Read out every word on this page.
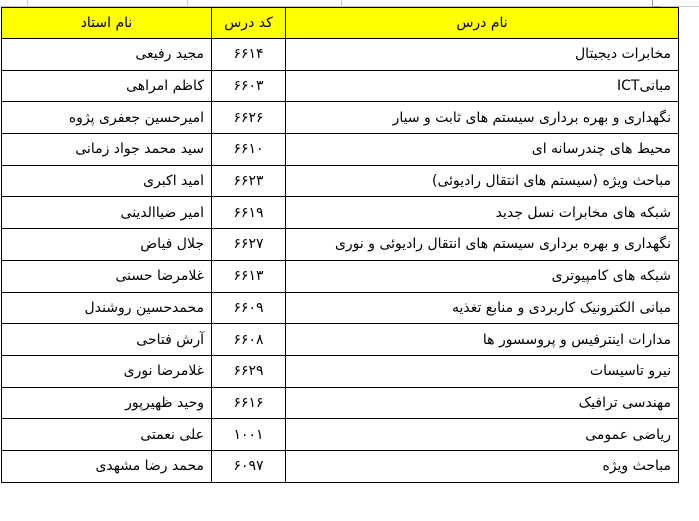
نام درس	کد درس	نام استاد
مخابرات دیجیتال	۶۶۱۴	مجید رفیعی
مبانیICT	۶۶۰۳	کاظم امراهی
نگهداری و بهره برداری سیستم های ثابت و سیار	۶۶۲۶	امیرحسین جعفری پژوه
محیط های چندرسانه ای	۶۶۱۰	سید محمد جواد زمانی
مباحث ویژه (سیستم های انتقال رادیوئی)	۶۶۲۳	امید اکبری
شبکه های مخابرات نسل جدید	۶۶۱۹	امیر ضیاالدینی
نگهداری و بهره برداری سیستم های انتقال رادیوئی و نوری	۶۶۲۷	جلال فیاض
شبکه های کامپیوتری	۶۶۱۳	غلامرضا حسنی
مبانی الکترونیک کاربردی و منابع تغذیه	۶۶۰۹	محمدحسین روشندل
مدارات اینترفیس و پروسسور ها	۶۶۰۸	آرش فتاحی
نیرو تاسیسات	۶۶۲۹	غلامرضا نوری
مهندسی ترافیک	۶۶۱۶	وحید ظهیرپور
ریاضی عمومی	۱۰۰۱	علی نعمتی
مباحث ویژه	۶۰۹۷	محمد رضا مشهدی
